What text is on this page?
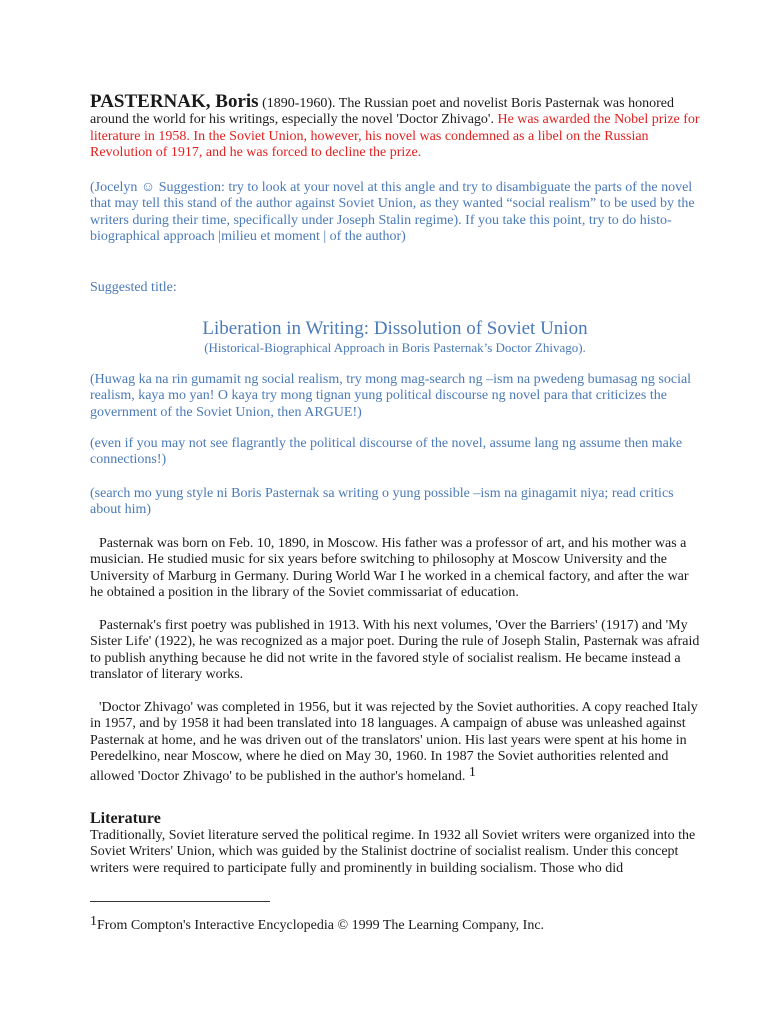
PASTERNAK, Boris (1890-1960). The Russian poet and novelist Boris Pasternak was honored around the world for his writings, especially the novel 'Doctor Zhivago'. He was awarded the Nobel prize for literature in 1958. In the Soviet Union, however, his novel was condemned as a libel on the Russian Revolution of 1917, and he was forced to decline the prize.

(Jocelyn ☺ Suggestion: try to look at your novel at this angle and try to disambiguate the parts of the novel that may tell this stand of the author against Soviet Union, as they wanted “social realism” to be used by the writers during their time, specifically under Joseph Stalin regime). If you take this point, try to do histo-biographical approach |milieu et moment | of the author)

Suggested title:

Liberation in Writing: Dissolution of Soviet Union
(Historical-Biographical Approach in Boris Pasternak’s Doctor Zhivago).

(Huwag ka na rin gumamit ng social realism, try mong mag-search ng –ism na pwedeng bumasag ng social realism, kaya mo yan! O kaya try mong tignan yung political discourse ng novel para that criticizes the government of the Soviet Union, then ARGUE!)

(even if you may not see flagrantly the political discourse of the novel, assume lang ng assume then make connections!)

(search mo yung style ni Boris Pasternak sa writing o yung possible –ism na ginagamit niya; read critics about him)

Pasternak was born on Feb. 10, 1890, in Moscow. His father was a professor of art, and his mother was a musician. He studied music for six years before switching to philosophy at Moscow University and the University of Marburg in Germany. During World War I he worked in a chemical factory, and after the war he obtained a position in the library of the Soviet commissariat of education.

Pasternak's first poetry was published in 1913. With his next volumes, 'Over the Barriers' (1917) and 'My Sister Life' (1922), he was recognized as a major poet. During the rule of Joseph Stalin, Pasternak was afraid to publish anything because he did not write in the favored style of socialist realism. He became instead a translator of literary works.

'Doctor Zhivago' was completed in 1956, but it was rejected by the Soviet authorities. A copy reached Italy in 1957, and by 1958 it had been translated into 18 languages. A campaign of abuse was unleashed against Pasternak at home, and he was driven out of the translators' union. His last years were spent at his home in Peredelkino, near Moscow, where he died on May 30, 1960. In 1987 the Soviet authorities relented and allowed 'Doctor Zhivago' to be published in the author's homeland. 1

Literature

Traditionally, Soviet literature served the political regime. In 1932 all Soviet writers were organized into the Soviet Writers' Union, which was guided by the Stalinist doctrine of socialist realism. Under this concept writers were required to participate fully and prominently in building socialism. Those who did

1From Compton's Interactive Encyclopedia © 1999 The Learning Company, Inc.
